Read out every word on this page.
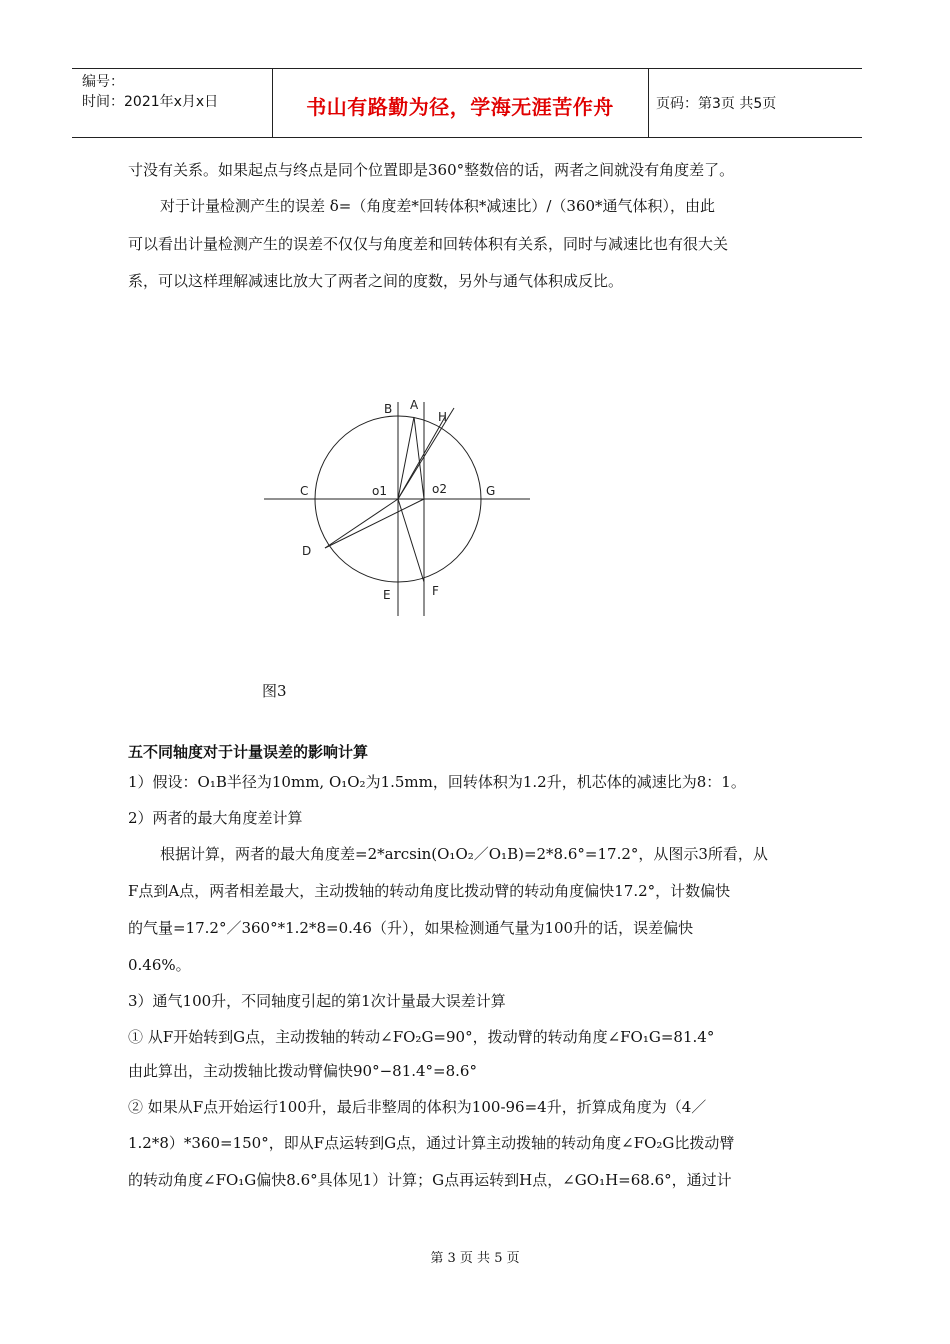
编号：
时间：2021年x月x日	书山有路勤为径，学海无涯苦作舟	页码：第3页 共5页
寸没有关系。如果起点与终点是同个位置即是360°整数倍的话，两者之间就没有角度差了。
对于计量检测产生的误差 δ=（角度差*回转体积*减速比）/（360*通气体积），由此
可以看出计量检测产生的误差不仅仅与角度差和回转体积有关系，同时与减速比也有很大关
系，可以这样理解减速比放大了两者之间的度数，另外与通气体积成反比。
B A
H
C	o1	o2	G
D
E	F
图3
五不同轴度对于计量误差的影响计算
1）假设：O₁B半径为10mm, O₁O₂为1.5mm，回转体积为1.2升，机芯体的减速比为8：1。
2）两者的最大角度差计算
根据计算，两者的最大角度差=2*arcsin(O₁O₂／O₁B)=2*8.6°=17.2°，从图示3所看，从
F点到A点，两者相差最大，主动拨轴的转动角度比拨动臂的转动角度偏快17.2°，计数偏快
的气量=17.2°／360°*1.2*8=0.46（升），如果检测通气量为100升的话，误差偏快
0.46%。
3）通气100升，不同轴度引起的第1次计量最大误差计算
① 从F开始转到G点，主动拨轴的转动∠FO₂G=90°，拨动臂的转动角度∠FO₁G=81.4°
由此算出，主动拨轴比拨动臂偏快90°−81.4°=8.6°
② 如果从F点开始运行100升，最后非整周的体积为100-96=4升，折算成角度为（4／
1.2*8）*360=150°，即从F点运转到G点，通过计算主动拨轴的转动角度∠FO₂G比拨动臂
的转动角度∠FO₁G偏快8.6°具体见1）计算；G点再运转到H点，∠GO₁H=68.6°，通过计
第 3 页 共 5 页
